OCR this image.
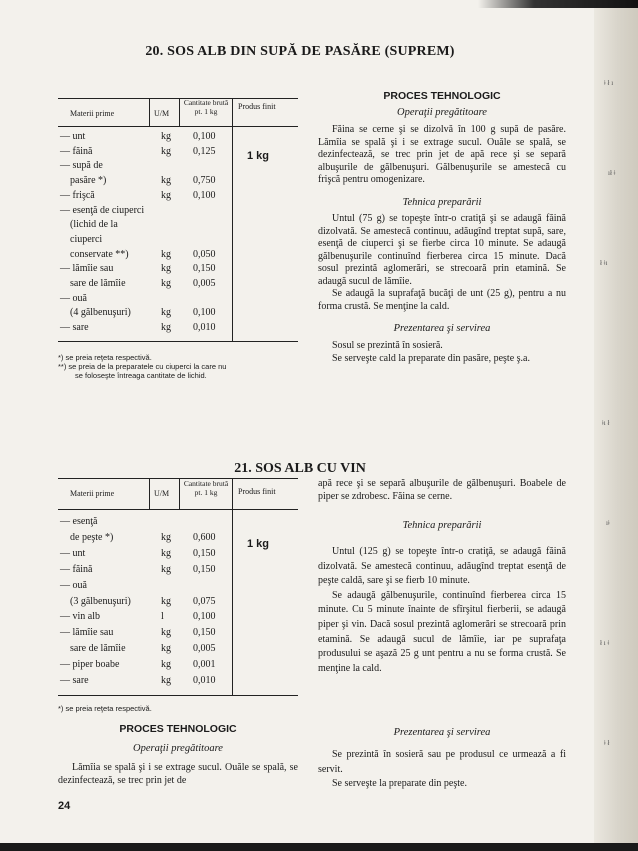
ǂ ł ı
ıł ǂ
ł ǂı
ǂı ł
ıǂ
ł ı ǂ
ǂ ł
20. SOS ALB DIN SUPĂ DE PASĂRE (SUPREM)
Materii prime	U/M
Cantitate brută pt. 1 kg	Produs finit
— unt	kg 0,100
— făină	kg 0,125
— supă de
pasăre *)	kg 0,750
— frişcă	kg 0,100
— esenţă de ciuperci
(lichid de la
ciuperci
conservate **)	kg 0,050
— lămîie sau	kg 0,150
sare de lămîie	kg 0,005
— ouă
(4 gălbenuşuri)	kg 0,100
— sare	kg 0,010
1 kg
*) se preia reţeta respectivă.
**) se preia de la preparatele cu ciuperci la care nu
se foloseşte întreaga cantitate de lichid.
PROCES TEHNOLOGIC
Operaţii pregătitoare

Făina se cerne şi se dizolvă în 100 g supă de pasăre. Lămîia se spală şi i se extrage sucul. Ouăle se spală, se dezinfectează, se trec prin jet de apă rece şi se separă albuşurile de gălbenuşuri. Gălbenuşurile se amestecă cu frişcă pentru omogenizare.

Tehnica preparării

Untul (75 g) se topeşte într-o cratiţă şi se adaugă făină dizolvată. Se amestecă continuu, adăugînd treptat supă, sare, esenţă de ciuperci şi se fierbe circa 10 minute. Se adaugă gălbenuşurile continuînd fierberea circa 15 minute. Dacă sosul prezintă aglomerări, se strecoară prin etamină. Se adaugă sucul de lămîie.

Se adaugă la suprafaţă bucăţi de unt (25 g), pentru a nu forma crustă. Se menţine la cald.

Prezentarea şi servirea

Sosul se prezintă în sosieră.

Se serveşte cald la preparate din pasăre, peşte ş.a.

21. SOS ALB CU VIN
Materii prime	U/M
Cantitate brută pt. 1 kg	Produs finit
— esenţă
de peşte *)	kg 0,600
— unt	kg 0,150
— făină	kg 0,150
— ouă
(3 gălbenuşuri)	kg 0,075
— vin alb	l	0,100
— lămîie sau	kg 0,150
sare de lămîie	kg 0,005
— piper boabe	kg 0,001
— sare	kg 0,010
1 kg
*) se preia reţeta respectivă.
PROCES TEHNOLOGIC
Operaţii pregătitoare

Lămîia se spală şi i se extrage sucul. Ouăle se spală, se dezinfectează, se trec prin jet de

apă rece şi se separă albuşurile de gălbenuşuri. Boabele de piper se zdrobesc. Făina se cerne.

Tehnica preparării

Untul (125 g) se topeşte într-o cratiţă, se adaugă făină dizolvată. Se amestecă continuu, adăugînd treptat esenţă de peşte caldă, sare şi se fierb 10 minute.

Se adaugă gălbenuşurile, continuînd fierberea circa 15 minute. Cu 5 minute înainte de sfîrşitul fierberii, se adaugă piper şi vin. Dacă sosul prezintă aglomerări se strecoară prin etamină. Se adaugă sucul de lămîie, iar pe suprafaţa produsului se aşază 25 g unt pentru a nu se forma crustă. Se menţine la cald.

Prezentarea şi servirea

Se prezintă în sosieră sau pe produsul ce urmează a fi servit.

Se serveşte la preparate din peşte.

24
